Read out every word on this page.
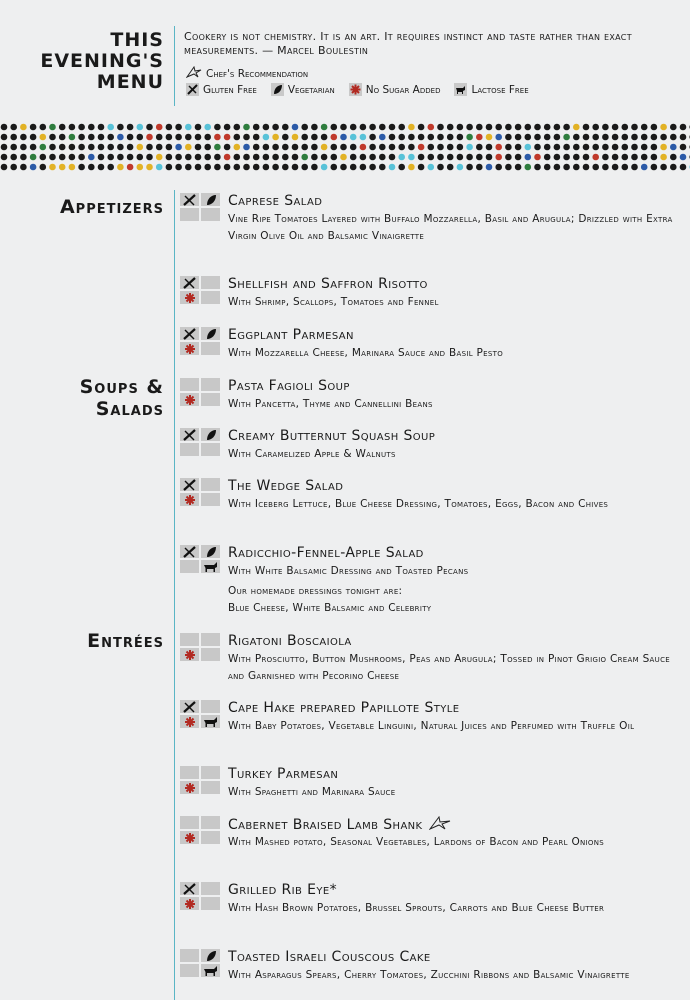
THIS
EVENING'S
MENU
Cookery is not chemistry. It is an art. It requires instinct and taste rather than exact measurements. — Marcel Boulestin
Chef's Recommendation
Gluten Free	Vegetarian	No Sugar Added	Lactose Free
Appetizers
Soups &
Salads
Entrées
Caprese Salad
Vine Ripe Tomatoes Layered with Buffalo Mozzarella, Basil and Arugula; Drizzled with Extra Virgin Olive Oil and Balsamic Vinaigrette
Shellfish and Saffron Risotto
With Shrimp, Scallops, Tomatoes and Fennel
Eggplant Parmesan
With Mozzarella Cheese, Marinara Sauce and Basil Pesto
Pasta Fagioli Soup
With Pancetta, Thyme and Cannellini Beans
Creamy Butternut Squash Soup
With Caramelized Apple & Walnuts
The Wedge Salad
With Iceberg Lettuce, Blue Cheese Dressing, Tomatoes, Eggs, Bacon and Chives
Radicchio-Fennel-Apple Salad
With White Balsamic Dressing and Toasted Pecans
Rigatoni Boscaiola
With Prosciutto, Button Mushrooms, Peas and Arugula; Tossed in Pinot Grigio Cream Sauce and Garnished with Pecorino Cheese
Cape Hake prepared Papillote Style
With Baby Potatoes, Vegetable Linguini, Natural Juices and Perfumed with Truffle Oil
Turkey Parmesan
With Spaghetti and Marinara Sauce
Cabernet Braised Lamb Shank
With Mashed potato, Seasonal Vegetables, Lardons of Bacon and Pearl Onions
Grilled Rib Eye*
With Hash Brown Potatoes, Brussel Sprouts, Carrots and Blue Cheese Butter
Toasted Israeli Couscous Cake
With Asparagus Spears, Cherry Tomatoes, Zucchini Ribbons and Balsamic Vinaigrette
Our homemade dressings tonight are:
Blue Cheese, White Balsamic and Celebrity
